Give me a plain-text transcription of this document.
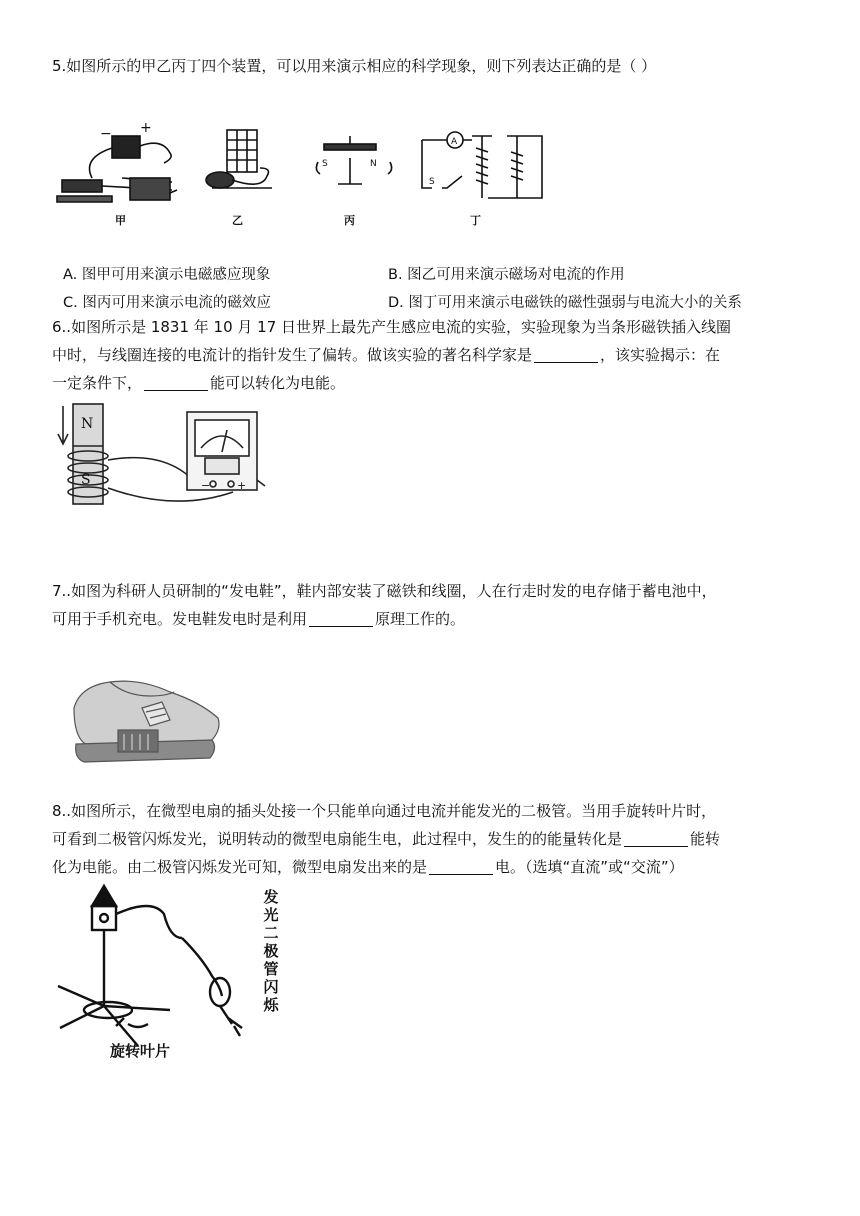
5.如图所示的甲乙丙丁四个装置，可以用来演示相应的科学现象，则下列表达正确的是（ ）
− +
甲	乙
S	N
丙
A
S
丁
A. 图甲可用来演示电磁感应现象	B. 图乙可用来演示磁场对电流的作用
C. 图丙可用来演示电流的磁效应	D. 图丁可用来演示电磁铁的磁性强弱与电流大小的关系
6..如图所示是 1831 年 10 月 17 日世界上最先产生感应电流的实验，实验现象为当条形磁铁插入线圈
中时，与线圈连接的电流计的指针发生了偏转。做该实验的著名科学家是	，该实验揭示：在
一定条件下，	能可以转化为电能。
N
S	− +
7..如图为科研人员研制的“发电鞋”，鞋内部安装了磁铁和线圈，人在行走时发的电存储于蓄电池中，
可用于手机充电。发电鞋发电时是利用	原理工作的。
8..如图所示，在微型电扇的插头处接一个只能单向通过电流并能发光的二极管。当用手旋转叶片时，
可看到二极管闪烁发光，说明转动的微型电扇能生电，此过程中，发生的的能量转化是	能转
化为电能。由二极管闪烁发光可知，微型电扇发出来的是	电。（选填“直流”或“交流”）
旋转叶片
发
光
二
极
管
闪
烁
